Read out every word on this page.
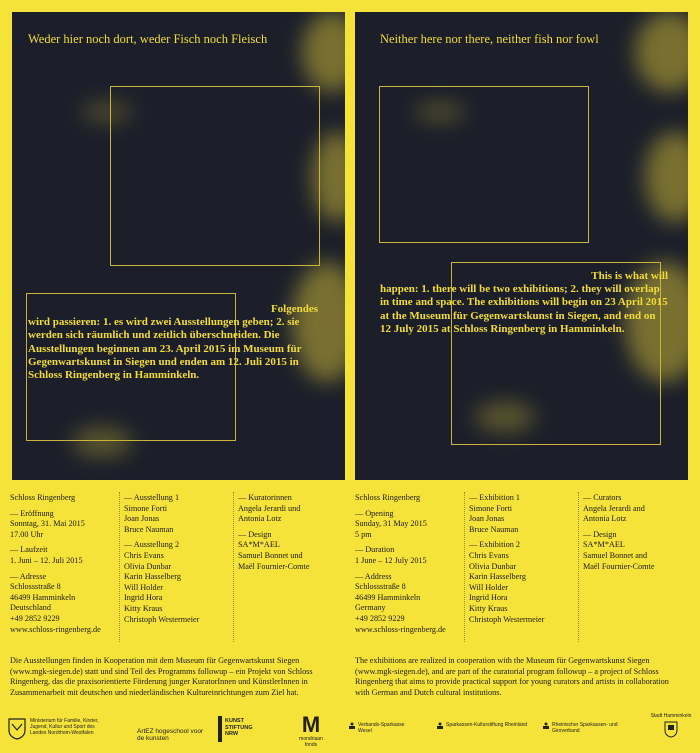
Weder hier noch dort, weder Fisch noch Fleisch
Folgendes
wird passieren: 1. es wird zwei Ausstellungen geben; 2. sie werden sich räumlich und zeitlich überschneiden. Die Ausstellungen beginnen am 23. April 2015 im Museum für Gegenwartskunst in Siegen und enden am 12. Juli 2015 in Schloss Ringenberg in Hamminkeln.
Neither here nor there, neither fish nor fowl
This is what will
happen: 1. there will be two exhibitions; 2. they will overlap in time and space. The exhibitions will begin on 23 April 2015 at the Museum für Gegenwartskunst in Siegen, and end on 12 July 2015 at Schloss Ringenberg in Hamminkeln.
Schloss Ringenberg
— Eröffnung
Sonntag, 31. Mai 2015
17.00 Uhr
— Laufzeit
1. Juni – 12. Juli 2015
— Adresse
Schlossstraße 8
46499 Hamminkeln
Deutschland
+49 2852 9229
www.schloss-ringenberg.de
— Ausstellung 1
Simone Forti
Joan Jonas
Bruce Nauman
— Ausstellung 2
Chris Evans
Olivia Dunbar
Karin Hasselberg
Will Holder
Ingrid Hora
Kitty Kraus
Christoph Westermeier
— Kuratorinnen
Angela Jerardi und
Antonia Lotz
— Design
SA*M*AEL
Samuel Bonnet und
Maël Fournier-Comte
Schloss Ringenberg
— Opening
Sunday, 31 May 2015
5 pm
— Duration
1 June – 12 July 2015
— Address
Schlossstraße 8
46499 Hamminkeln
Germany
+49 2852 9229
www.schloss-ringenberg.de
— Exhibition 1
Simone Forti
Joan Jonas
Bruce Nauman
— Exhibition 2
Chris Evans
Olivia Dunbar
Karin Hasselberg
Will Holder
Ingrid Hora
Kitty Kraus
Christoph Westermeier
— Curators
Angela Jerardi and
Antonia Lotz
— Design
SA*M*AEL
Samuel Bonnet and
Maël Fournier-Comte
Die Ausstellungen finden in Kooperation mit dem Museum für Gegenwartskunst Siegen (www.mgk-siegen.de) statt und sind Teil des Programms followup – ein Projekt von Schloss Ringenberg, das die praxisorientierte Förderung junger KuratorInnen und KünstlerInnen in Zusammenarbeit mit deutschen und niederländischen Kultureinrichtungen zum Ziel hat.
The exhibitions are realized in cooperation with the Museum für Gegenwartskunst Siegen (www.mgk-siegen.de), and are part of the curatorial program followup – a project of Schloss Ringenberg that aims to provide practical support for young curators and artists in collaboration with German and Dutch cultural institutions.
Ministerium für Familie, Kinder, Jugend, Kultur und Sport des Landes Nordrhein-Westfalen	ArtEZ hogeschool voor de kunsten
KUNST STIFTUNG NRW	M
mondriaan fonds
Verbands-Sparkasse Wesel
Sparkassen-Kulturstiftung Rheinland	Rheinischer Sparkassen- und Giroverband
Stadt Hamminkeln
